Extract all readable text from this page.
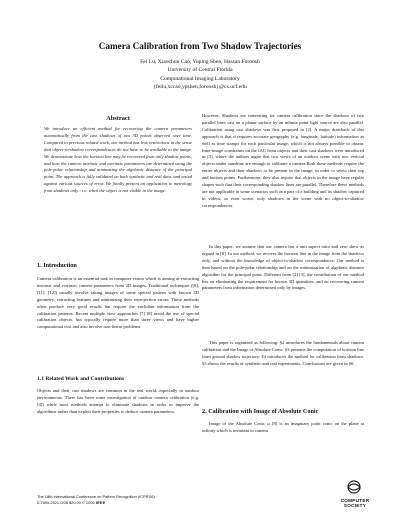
Camera Calibration from Two Shadow Trajectories
Fei Lu, Xiaochun Cao, Yuping Shen, Hassan Foroosh
University of Central Florida
Computational Imaging Laboratory
{feilu,xccao,ypshen,foroosh}@cs.ucf.edu
Abstract
We introduce an efficient method for recovering the camera parameters automatically from the cast shadows of two 3D points observed over time. Compared to previous related work, our method has less restrictions in the sense that object-to-shadow correspondences do not have to be available in the image. We demonstrate how the horizon line may be recovered from only shadow points, and how the camera intrinsic and extrinsic parameters are determined using the pole-polar relationship and minimizing the algebraic distance of the principal point. The approach is fully validated on both synthetic and real data, and tested against various sources of error. We finally present an application to metrology from shadows only - i.e. when the object is not visible in the image.
1. Introduction
Camera calibration is an essential task in computer vision which is aiming at extracting intrinsic and extrinsic camera parameters from 2D images. Traditional techniques ([8], [11], [12]) usually involve taking images of some special pattern with known 3D geometry, extracting features and minimizing their reprojection errors. These methods often produce very good results but require the euclidian information from the calibration patterns. Recent multiple view approaches [7] [8] avoid the use of special calibration objects, but typically require more than three views and have higher computational cost and also involve non-linear problems.
1.1 Related Work and Contributions
Objects and their cast shadows are common in the real world, especially in outdoor environments. There has been some investigation of outdoor camera calibration (e.g. [4]) while most methods attempt to eliminate shadows in order to improve the algorithms rather than exploit their properties to deduce camera parameters.
However, Shadows are interesting for camera calibration since the shadows of two parallel lines cast on a planar surface by an infinite point light source are also parallel. Calibration using cast shadows was first proposed in [2]. A major drawback of this approach is that it requires accurate geography (e.g. longitude, latitude) information as well as time stamps for each particular image, which is not always possible to obtain. Inter-image constraints on the IAC from objects and their cast shadows were introduced in [3], where the authors argue that two views of an outdoor scene with two vertical objects under sunshine are enough to calibrate a camera.Both these methods require the entire objects and their shadows to be present in the image, in order to select their top and bottom points. Furthermore, they also require that objects in the image have regular shapes such that their corresponding shadow lines are parallel. Therefore these methods are not applicable in some scenarios such as a part of a building and its shadow captured in videos, or even worse, only shadows in the scene with no object-to-shadow correspondences.
In this paper, we assume that our camera has a unit aspect ratio and zero skew as argued in [8]. In our method, we recover the horizon line in the image from the shadows only, and without the knowledge of object-to-shadow correspondence. Our method is then based on the pole-polar relationship and on the minimization of algebraic distance algorithm for the principal point. Different from [2] [3], the contribution of our method lies on eliminating the requirement for known 3D quantities, and on recovering camera parameters from information determined only by images.
This paper is organized as following: §2 introduces the fundamentals about camera calibration and the Image of Absolute Conic. §3 presents the computation of horizon line from ground shadow trajectory. §4 introduces the method for calibration from shadows. §5 shows the results of synthetic and real experiments. Conclusions are given in §6.
2. Calibration with Image of Absolute Conic
Image of the Absolute Conic ω [8] is an imaginary point conic on the plane at infinity which is invariant to camera
The 18th International Conference on Pattern Recognition (ICPR'06)
0-7695-2521-0/06 $20.00 © 2006 IEEE	COMPUTER
SOCIETY
